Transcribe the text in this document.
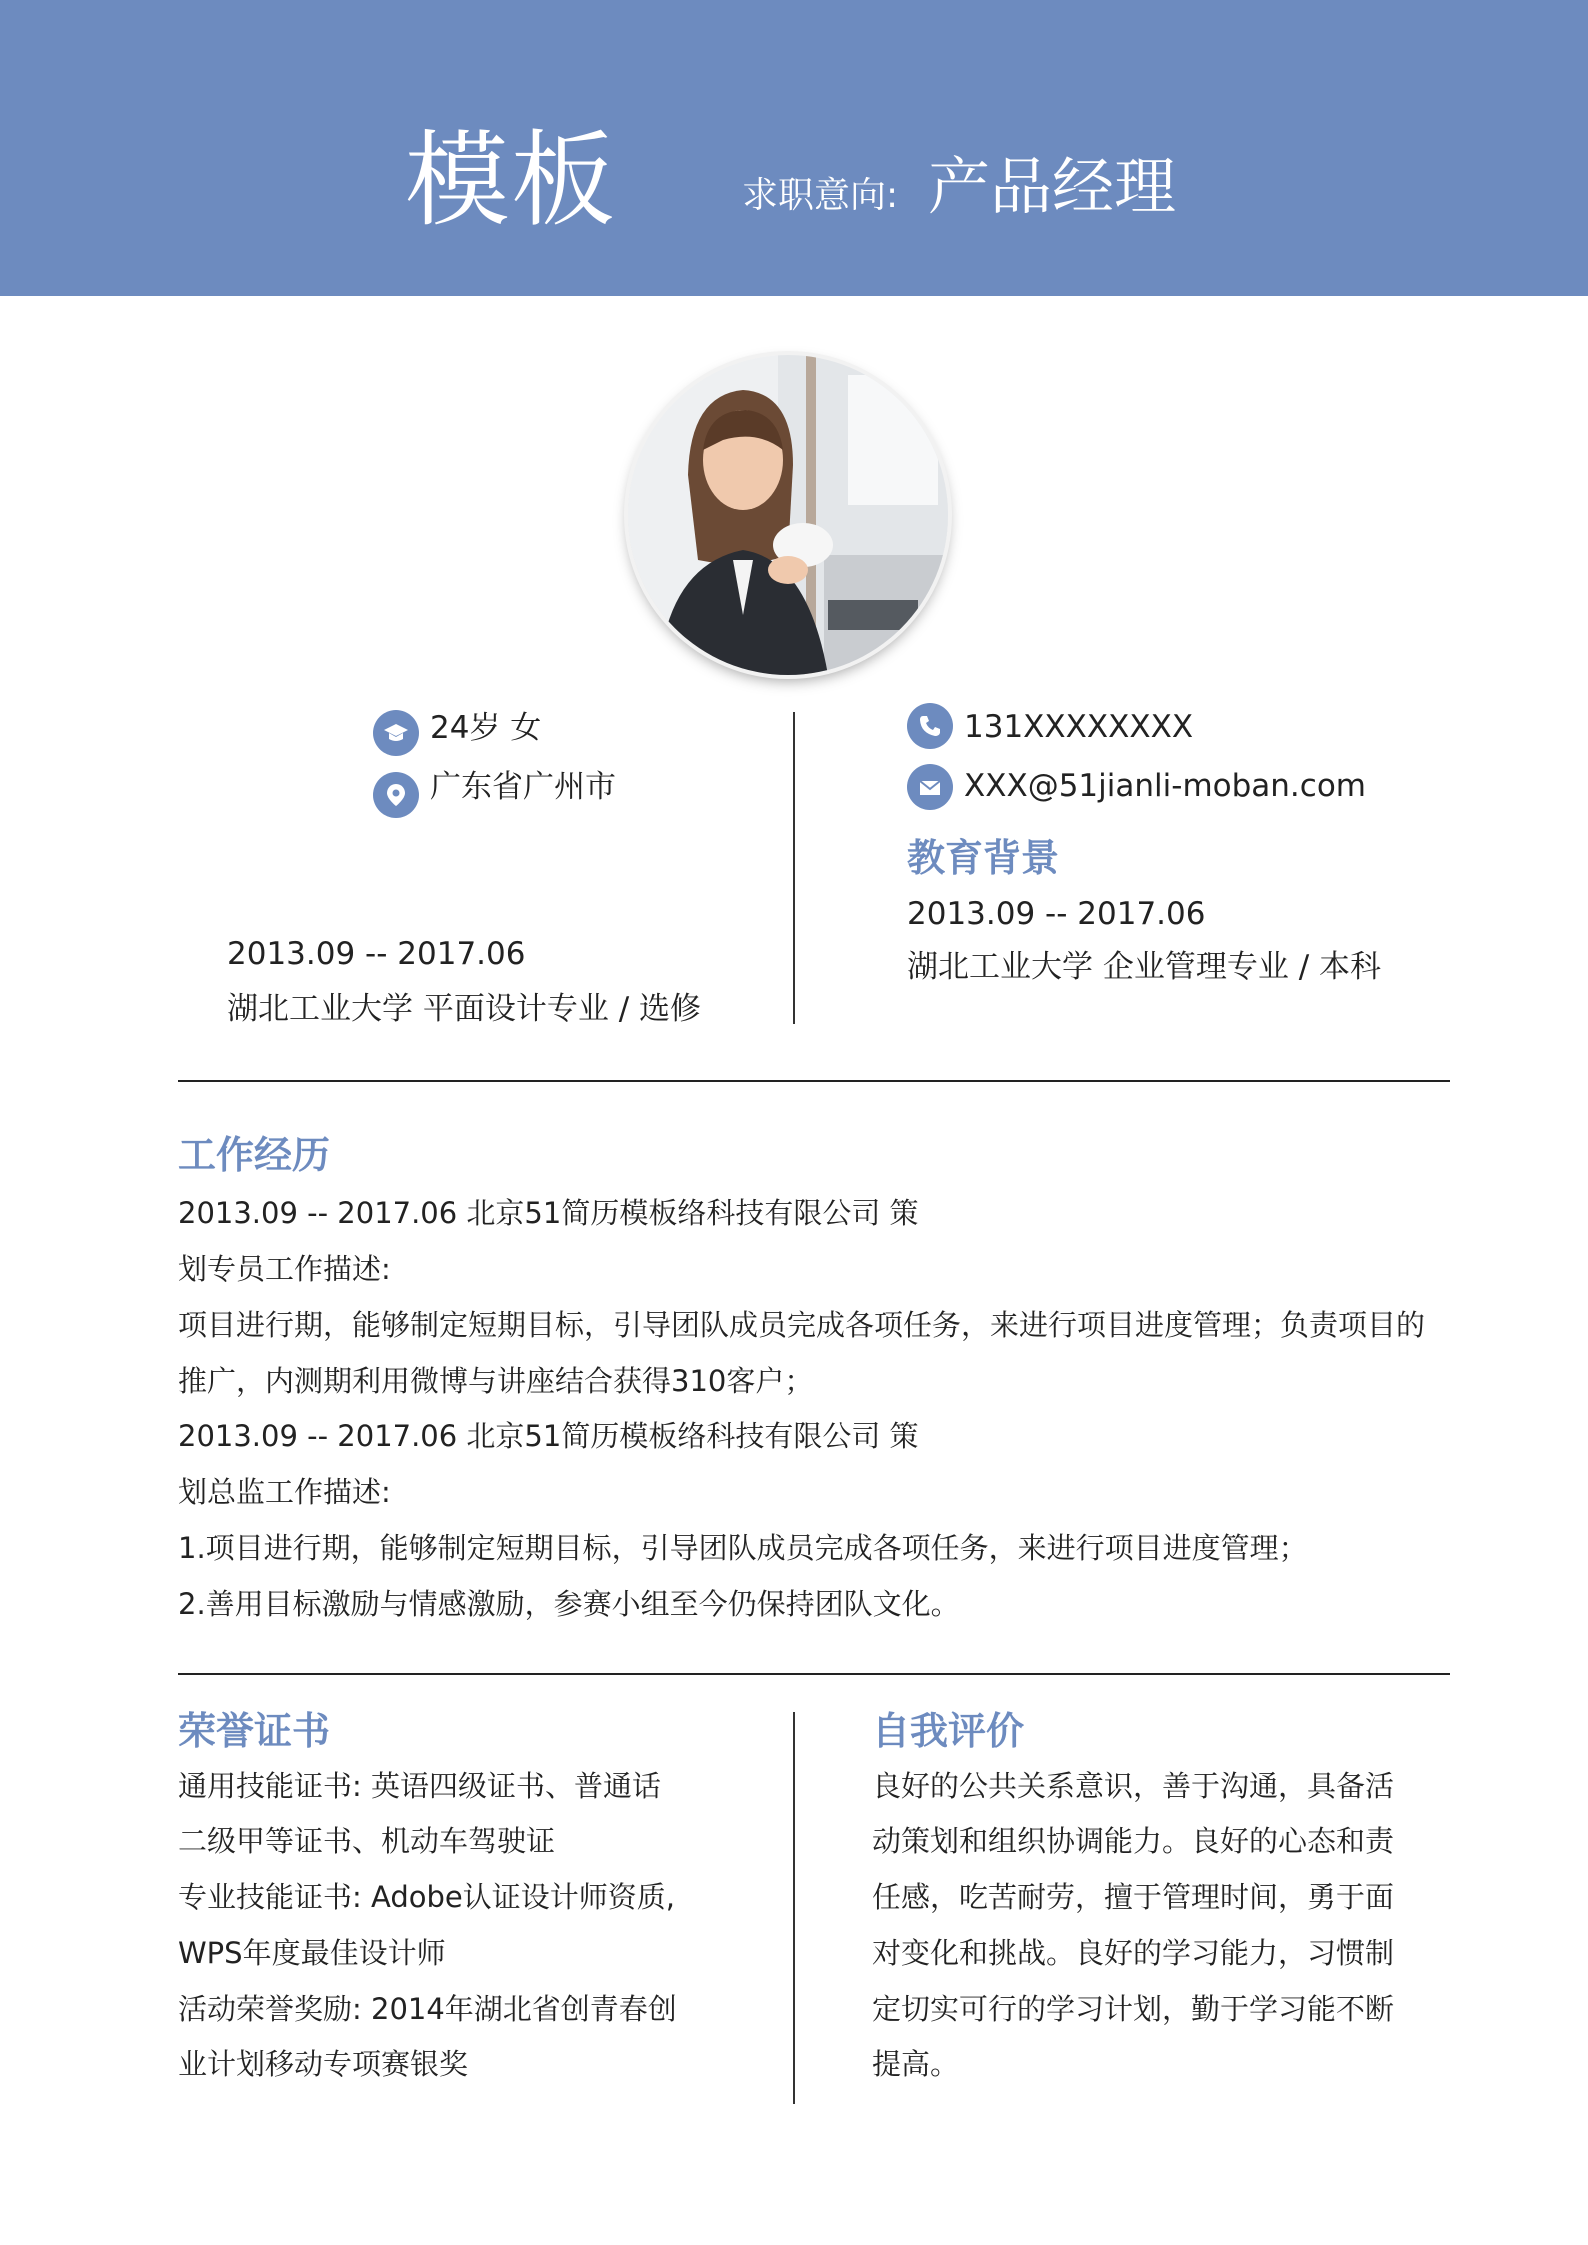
模板	求职意向: 产品经理
24岁 女
广东省广州市
131XXXXXXXX
XXX@51jianli-moban.com
教育背景
2013.09 -- 2017.06
湖北工业大学 企业管理专业 / 本科
2013.09 -- 2017.06
湖北工业大学 平面设计专业 / 选修
工作经历
2013.09 -- 2017.06 北京51简历模板络科技有限公司 策
划专员工作描述:
项目进行期，能够制定短期目标，引导团队成员完成各项任务，来进行项目进度管理；负责项目的
推广，内测期利用微博与讲座结合获得310客户；
2013.09 -- 2017.06 北京51简历模板络科技有限公司 策
划总监工作描述:
1.项目进行期，能够制定短期目标，引导团队成员完成各项任务，来进行项目进度管理；
2.善用目标激励与情感激励，参赛小组至今仍保持团队文化。
荣誉证书
通用技能证书: 英语四级证书、普通话
二级甲等证书、机动车驾驶证
专业技能证书: Adobe认证设计师资质,
WPS年度最佳设计师
活动荣誉奖励: 2014年湖北省创青春创
业计划移动专项赛银奖
自我评价
良好的公共关系意识，善于沟通，具备活
动策划和组织协调能力。良好的心态和责
任感，吃苦耐劳，擅于管理时间，勇于面
对变化和挑战。良好的学习能力，习惯制
定切实可行的学习计划，勤于学习能不断
提高。
